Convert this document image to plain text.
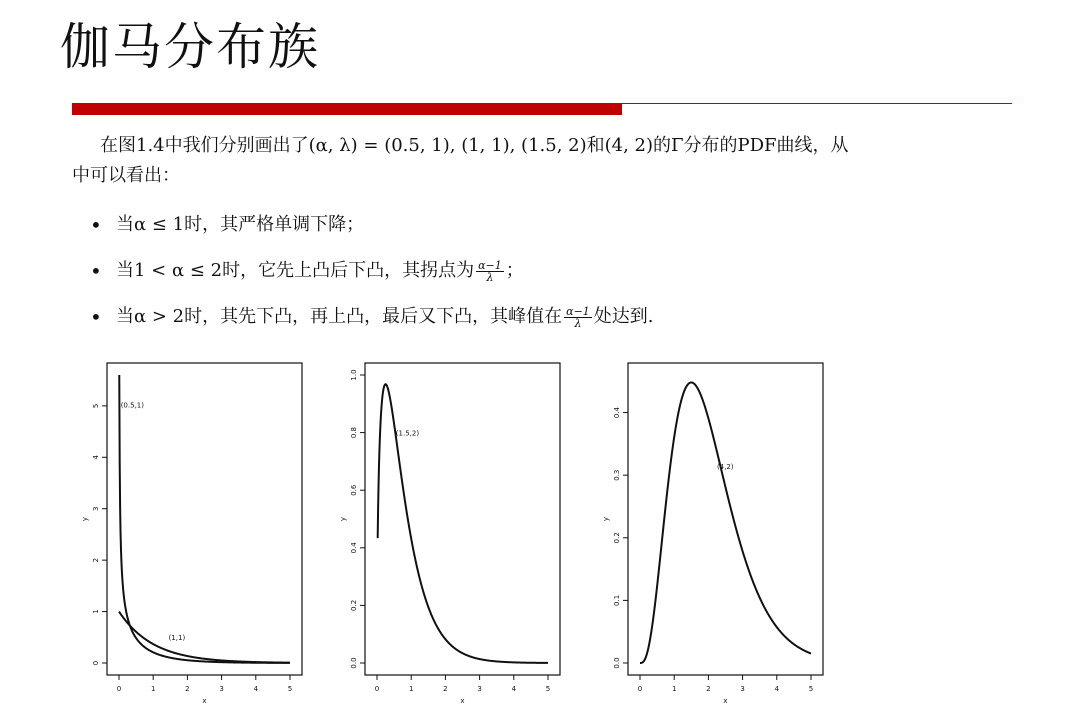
伽马分布族
在图1.4中我们分别画出了(α, λ) = (0.5, 1), (1, 1), (1.5, 2)和(4, 2)的Γ分布的PDF曲线，从
中可以看出：
• 当α ≤ 1时，其严格单调下降；
• 当1 < α ≤ 2时，它先上凸后下凸，其拐点为 $\frac{\alpha-1}{\lambda}$ ；
• 当α > 2时，其先下凸，再上凸，最后又下凸，其峰值在 $\frac{\alpha-1}{\lambda}$ 处达到.
0	1	2	3	4	5
x
0
1
2
3
4
5
y
(0.5,1)
(1,1)
0	1	2	3	4	5
x
0.0
0.2
0.4
0.6
0.8
1.0
y
(1.5,2)
0	1	2	3	4	5
x
0.0
0.1
0.2
0.3
0.4
y
(4,2)
